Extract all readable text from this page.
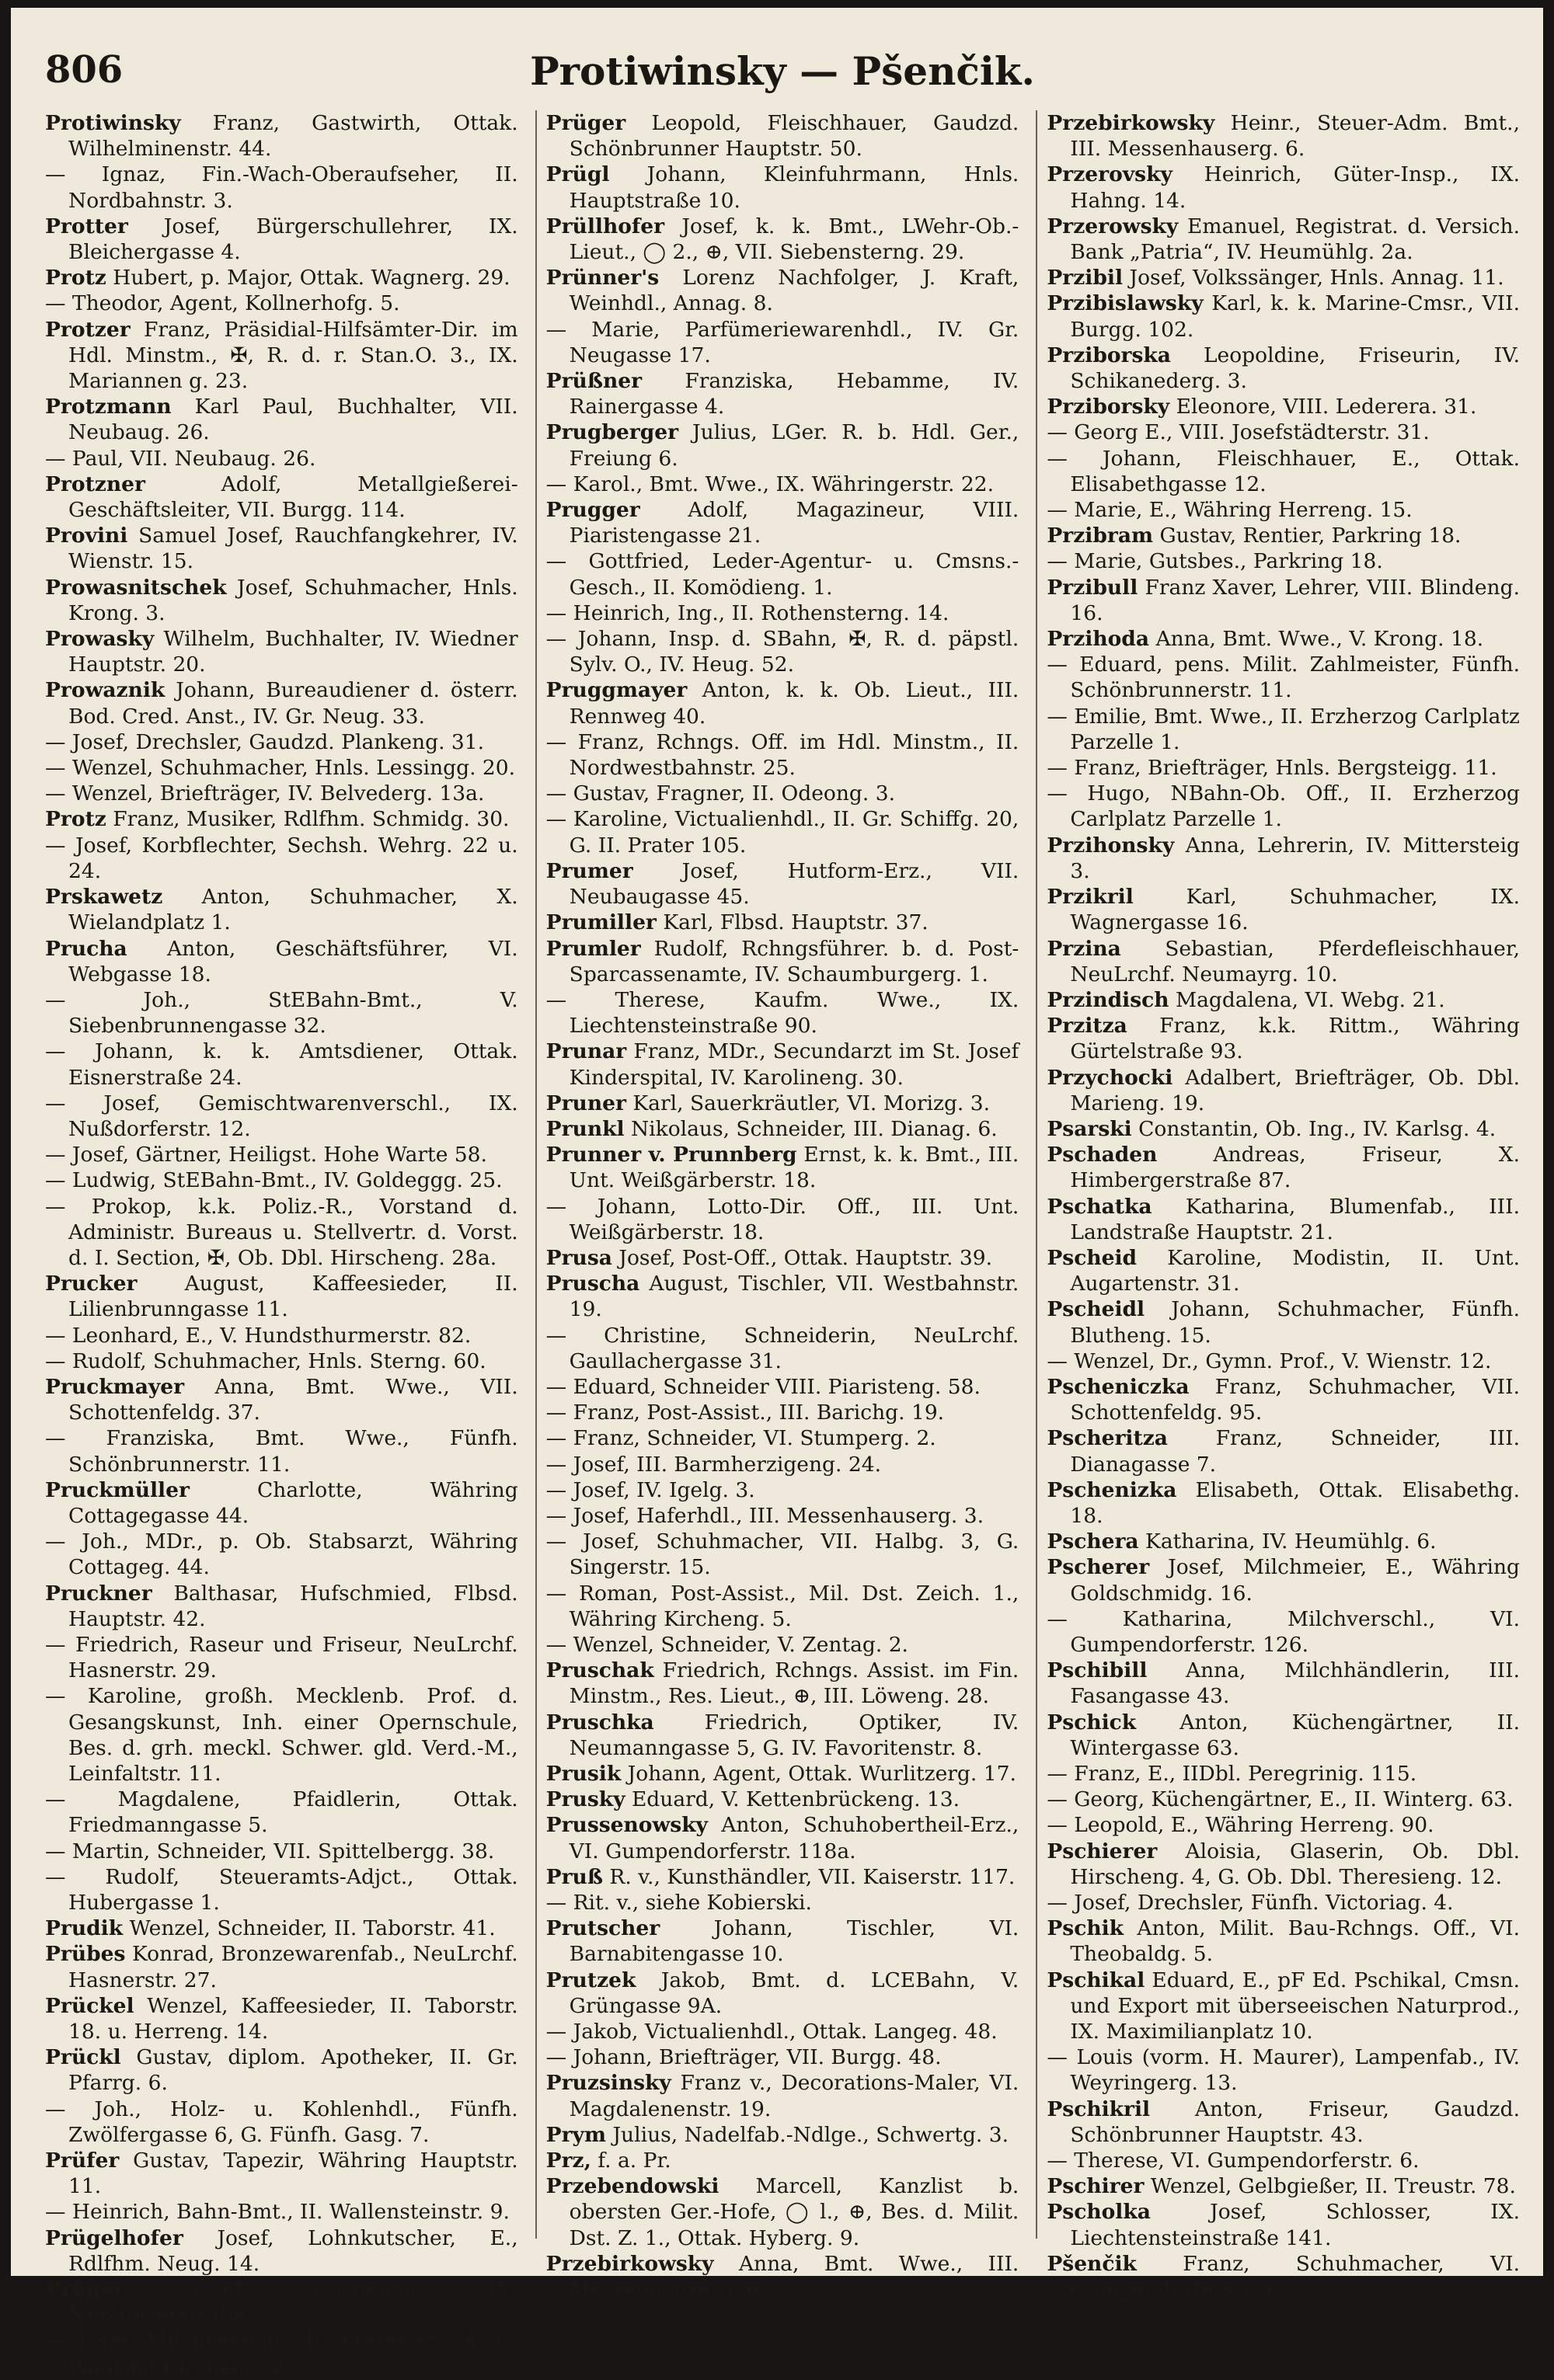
806	Protiwinsky — Pšenčik.

Protiwinsky Franz, Gastwirth, Ottak. Wilhelminenstr. 44.

— Ignaz, Fin.-Wach-Oberaufseher, II. Nordbahnstr. 3.

Protter Josef, Bürgerschullehrer, IX. Bleichergasse 4.

Protz Hubert, p. Major, Ottak. Wagnerg. 29.

— Theodor, Agent, Kollnerhofg. 5.

Protzer Franz, Präsidial-Hilfsämter-Dir. im Hdl. Minstm., ✠, R. d. r. Stan.O. 3., IX. Mariannen g. 23.

Protzmann Karl Paul, Buchhalter, VII. Neubaug. 26.

— Paul, VII. Neubaug. 26.

Protzner	Adolf, Metallgießerei-Geschäftsleiter, VII. Burgg. 114.

Provini Samuel Josef, Rauchfangkehrer, IV. Wienstr. 15.

Prowasnitschek Josef, Schuhmacher, Hnls. Krong. 3.

Prowasky Wilhelm, Buchhalter, IV. Wiedner Hauptstr. 20.

Prowaznik Johann, Bureaudiener d. österr. Bod. Cred. Anst., IV. Gr. Neug. 33.

— Josef, Drechsler, Gaudzd. Plankeng. 31.

— Wenzel, Schuhmacher, Hnls. Lessingg. 20.

— Wenzel, Briefträger, IV. Belvederg. 13a.

Protz Franz, Musiker, Rdlfhm. Schmidg. 30.

— Josef, Korbflechter, Sechsh. Wehrg. 22 u. 24.

Prskawetz Anton, Schuhmacher, X. Wielandplatz 1.

Prucha Anton, Geschäftsführer, VI. Webgasse 18.

— Joh., StEBahn-Bmt., V. Siebenbrunnengasse 32.

— Johann, k. k. Amtsdiener, Ottak. Eisnerstraße 24.

— Josef, Gemischtwarenverschl., IX. Nußdorferstr. 12.

— Josef, Gärtner, Heiligst. Hohe Warte 58.

— Ludwig, StEBahn-Bmt., IV. Goldeggg. 25.

— Prokop, k.k. Poliz.-R., Vorstand d. Administr. Bureaus u. Stellvertr. d. Vorst. d. I. Section, ✠, Ob. Dbl. Hirscheng. 28a.

Prucker August, Kaffeesieder, II. Lilienbrunngasse 11.

— Leonhard, E., V. Hundsthurmerstr. 82.

— Rudolf, Schuhmacher, Hnls. Sterng. 60.

Pruckmayer Anna, Bmt. Wwe., VII. Schottenfeldg. 37.

— Franziska, Bmt. Wwe., Fünfh. Schönbrunnerstr. 11.

Pruckmüller	Charlotte, Währing Cottagegasse 44.

— Joh., MDr., p. Ob. Stabsarzt, Währing Cottageg. 44.

Pruckner Balthasar, Hufschmied, Flbsd. Hauptstr. 42.

— Friedrich, Raseur und Friseur, NeuLrchf. Hasnerstr. 29.

— Karoline, großh. Mecklenb. Prof. d. Gesangskunst, Inh. einer Opernschule, Bes. d. grh. meckl. Schwer. gld. Verd.-M., Leinfaltstr. 11.

— Magdalene, Pfaidlerin, Ottak. Friedmanngasse 5.

— Martin, Schneider, VII. Spittelbergg. 38.

— Rudolf, Steueramts-Adjct., Ottak. Hubergasse 1.

Prudik Wenzel, Schneider, II. Taborstr. 41.

Prübes Konrad, Bronzewarenfab., NeuLrchf. Hasnerstr. 27.

Prückel Wenzel, Kaffeesieder, II. Taborstr. 18. u. Herreng. 14.

Prückl Gustav, diplom. Apotheker, II. Gr. Pfarrg. 6.

— Joh., Holz- u. Kohlenhdl., Fünfh. Zwölfergasse 6, G. Fünfh. Gasg. 7.

Prüfer Gustav, Tapezir, Währing Hauptstr. 11.

— Heinrich, Bahn-Bmt., II. Wallensteinstr. 9.

Prügelhofer Josef, Lohnkutscher, E., Rdlfhm. Neug. 14.

Prüger	Josef, Gastwirth, IX. Nußdorferstraße 3.

— Josef, Milchverschl., II. Praterstr. 34, G. Währing Kircheng. 25.

Prüger Leopold, Fleischhauer, Gaudzd. Schönbrunner Hauptstr. 50.

Prügl Johann, Kleinfuhrmann, Hnls. Hauptstraße 10.

Prüllhofer Josef, k. k. Bmt., LWehr-Ob.-Lieut., ◯ 2., ⊕, VII. Siebensterng. 29.

Prünner's Lorenz Nachfolger, J. Kraft, Weinhdl., Annag. 8.

— Marie, Parfümeriewarenhdl., IV. Gr. Neugasse 17.

Prüßner Franziska, Hebamme, IV. Rainergasse 4.

Prugberger Julius, LGer. R. b. Hdl. Ger., Freiung 6.

— Karol., Bmt. Wwe., IX. Währingerstr. 22.

Prugger Adolf, Magazineur, VIII. Piaristengasse 21.

— Gottfried, Leder-Agentur- u. Cmsns.-Gesch., II. Komödieng. 1.

— Heinrich, Ing., II. Rothensterng. 14.

— Johann, Insp. d. SBahn, ✠, R. d. päpstl. Sylv. O., IV. Heug. 52.

Pruggmayer Anton, k. k. Ob. Lieut., III. Rennweg 40.

— Franz, Rchngs. Off. im Hdl. Minstm., II. Nordwestbahnstr. 25.

— Gustav, Fragner, II. Odeong. 3.

— Karoline, Victualienhdl., II. Gr. Schiffg. 20, G. II. Prater 105.

Prumer Josef, Hutform-Erz., VII. Neubaugasse 45.

Prumiller Karl, Flbsd. Hauptstr. 37.

Prumler Rudolf, Rchngsführer. b. d. Post-Sparcassenamte, IV. Schaumburgerg. 1.

— Therese, Kaufm. Wwe., IX. Liechtensteinstraße 90.

Prunar Franz, MDr., Secundarzt im St. Josef Kinderspital, IV. Karolineng. 30.

Pruner Karl, Sauerkräutler, VI. Morizg. 3.

Prunkl Nikolaus, Schneider, III. Dianag. 6.

Prunner v. Prunnberg Ernst, k. k. Bmt., III. Unt. Weißgärberstr. 18.

— Johann, Lotto-Dir. Off., III. Unt. Weißgärberstr. 18.

Prusa Josef, Post-Off., Ottak. Hauptstr. 39.

Pruscha August, Tischler, VII. Westbahnstr. 19.

— Christine, Schneiderin, NeuLrchf. Gaullachergasse 31.

— Eduard, Schneider VIII. Piaristeng. 58.

— Franz, Post-Assist., III. Barichg. 19.

— Franz, Schneider, VI. Stumperg. 2.

— Josef, III. Barmherzigeng. 24.

— Josef, IV. Igelg. 3.

— Josef, Haferhdl., III. Messenhauserg. 3.

— Josef, Schuhmacher, VII. Halbg. 3, G. Singerstr. 15.

— Roman, Post-Assist., Mil. Dst. Zeich. 1., Währing Kircheng. 5.

— Wenzel, Schneider, V. Zentag. 2.

Pruschak Friedrich, Rchngs. Assist. im Fin. Minstm., Res. Lieut., ⊕, III. Löweng. 28.

Pruschka Friedrich, Optiker, IV. Neumanngasse 5, G. IV. Favoritenstr. 8.

Prusik Johann, Agent, Ottak. Wurlitzerg. 17.

Prusky Eduard, V. Kettenbrückeng. 13.

Prussenowsky Anton, Schuhobertheil-Erz., VI. Gumpendorferstr. 118a.

Pruß R. v., Kunsthändler, VII. Kaiserstr. 117.

— Rit. v., siehe Kobierski.

Prutscher	Johann, Tischler, VI. Barnabitengasse 10.

Prutzek Jakob, Bmt. d. LCEBahn, V. Grüngasse 9A.

— Jakob, Victualienhdl., Ottak. Langeg. 48.

— Johann, Briefträger, VII. Burgg. 48.

Pruzsinsky Franz v., Decorations-Maler, VI. Magdalenenstr. 19.

Prym Julius, Nadelfab.-Ndlge., Schwertg. 3.

Prz, f. a. Pr.

Przebendowski Marcell, Kanzlist b. obersten Ger.-Hofe, ◯ l., ⊕, Bes. d. Milit. Dst. Z. 1., Ottak. Hyberg. 9.

Przebirkowsky Anna, Bmt. Wwe., III. Messenhauserg. 6.

Przebirkowsky Heinr., Steuer-Adm. Bmt., III. Messenhauserg. 6.

Przerovsky Heinrich, Güter-Insp., IX. Hahng. 14.

Przerowsky Emanuel, Registrat. d. Versich. Bank „Patria“, IV. Heumühlg. 2a.

Przibil Josef, Volkssänger, Hnls. Annag. 11.

Przibislawsky Karl, k. k. Marine-Cmsr., VII. Burgg. 102.

Prziborska Leopoldine, Friseurin, IV. Schikanederg. 3.

Prziborsky Eleonore, VIII. Lederera. 31.

— Georg E., VIII. Josefstädterstr. 31.

— Johann, Fleischhauer, E., Ottak. Elisabethgasse 12.

— Marie, E., Währing Herreng. 15.

Przibram Gustav, Rentier, Parkring 18.

— Marie, Gutsbes., Parkring 18.

Przibull Franz Xaver, Lehrer, VIII. Blindeng. 16.

Przihoda Anna, Bmt. Wwe., V. Krong. 18.

— Eduard, pens. Milit. Zahlmeister, Fünfh. Schönbrunnerstr. 11.

— Emilie, Bmt. Wwe., II. Erzherzog Carlplatz Parzelle 1.

— Franz, Briefträger, Hnls. Bergsteigg. 11.

— Hugo, NBahn-Ob. Off., II. Erzherzog Carlplatz Parzelle 1.

Przihonsky Anna, Lehrerin, IV. Mittersteig 3.

Przikril	Karl, Schuhmacher, IX. Wagnergasse 16.

Przina Sebastian, Pferdefleischhauer, NeuLrchf. Neumayrg. 10.

Przindisch Magdalena, VI. Webg. 21.

Przitza Franz, k.k. Rittm., Währing Gürtelstraße 93.

Przychocki Adalbert, Briefträger, Ob. Dbl. Marieng. 19.

Psarski Constantin, Ob. Ing., IV. Karlsg. 4.

Pschaden	Andreas, Friseur, X. Himbergerstraße 87.

Pschatka Katharina, Blumenfab., III. Landstraße Hauptstr. 21.

Pscheid Karoline, Modistin, II. Unt. Augartenstr. 31.

Pscheidl Johann, Schuhmacher, Fünfh. Blutheng. 15.

— Wenzel, Dr., Gymn. Prof., V. Wienstr. 12.

Pscheniczka Franz, Schuhmacher, VII. Schottenfeldg. 95.

Pscheritza Franz, Schneider, III. Dianagasse 7.

Pschenizka Elisabeth, Ottak. Elisabethg. 18.

Pschera Katharina, IV. Heumühlg. 6.

Pscherer Josef, Milchmeier, E., Währing Goldschmidg. 16.

— Katharina, Milchverschl., VI. Gumpendorferstr. 126.

Pschibill Anna, Milchhändlerin, III. Fasangasse 43.

Pschick Anton, Küchengärtner, II. Wintergasse 63.

— Franz, E., IIDbl. Peregrinig. 115.

— Georg, Küchengärtner, E., II. Winterg. 63.

— Leopold, E., Währing Herreng. 90.

Pschierer Aloisia, Glaserin, Ob. Dbl. Hirscheng. 4, G. Ob. Dbl. Theresieng. 12.

— Josef, Drechsler, Fünfh. Victoriag. 4.

Pschik Anton, Milit. Bau-Rchngs. Off., VI. Theobaldg. 5.

Pschikal Eduard, E., pF Ed. Pschikal, Cmsn. und Export mit überseeischen Naturprod., IX. Maximilianplatz 10.

— Louis (vorm. H. Maurer), Lampenfab., IV. Weyringerg. 13.

Pschikril Anton, Friseur, Gaudzd. Schönbrunner Hauptstr. 43.

— Therese, VI. Gumpendorferstr. 6.

Pschirer Wenzel, Gelbgießer, II. Treustr. 78.

Pscholka	Josef, Schlosser, IX. Liechtensteinstraße 141.

Pšenčik Franz, Schuhmacher, VI. Gumpendorferstr. 123.
